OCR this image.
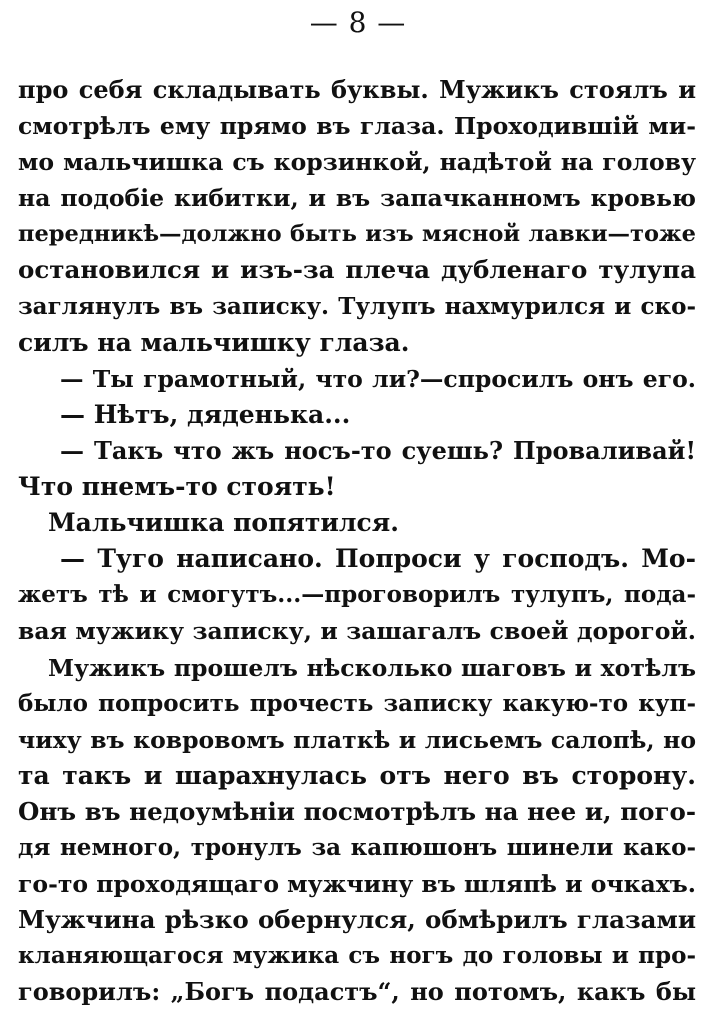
— 8 —
про себя складывать буквы. Мужикъ стоялъ и
смотрѣлъ ему прямо въ глаза. Проходившій ми-
мо мальчишка съ корзинкой, надѣтой на голову
на подобіе кибитки, и въ запачканномъ кровью
передникѣ—должно быть изъ мясной лавки—тоже
остановился и изъ-за плеча дубленаго тулупа
заглянулъ въ записку. Тулупъ нахмурился и ско-
силъ на мальчишку глаза.
— Ты грамотный, что ли?—спросилъ онъ его.
— Нѣтъ, дяденька...
— Такъ что жъ носъ-то суешь? Проваливай!
Что пнемъ-то стоять!
Мальчишка попятился.
— Туго написано. Попроси у господъ. Мо-
жетъ тѣ и смогутъ...—проговорилъ тулупъ, пода-
вая мужику записку, и зашагалъ своей дорогой.
Мужикъ прошелъ нѣсколько шаговъ и хотѣлъ
было попросить прочесть записку какую-то куп-
чиху въ ковровомъ платкѣ и лисьемъ салопѣ, но
та такъ и шарахнулась отъ него въ сторону.
Онъ въ недоумѣніи посмотрѣлъ на нее и, пого-
дя немного, тронулъ за капюшонъ шинели како-
го-то проходящаго мужчину въ шляпѣ и очкахъ.
Мужчина рѣзко обернулся, обмѣрилъ глазами
кланяющагося мужика съ ногъ до головы и про-
говорилъ: „Богъ подастъ“, но потомъ, какъ бы
